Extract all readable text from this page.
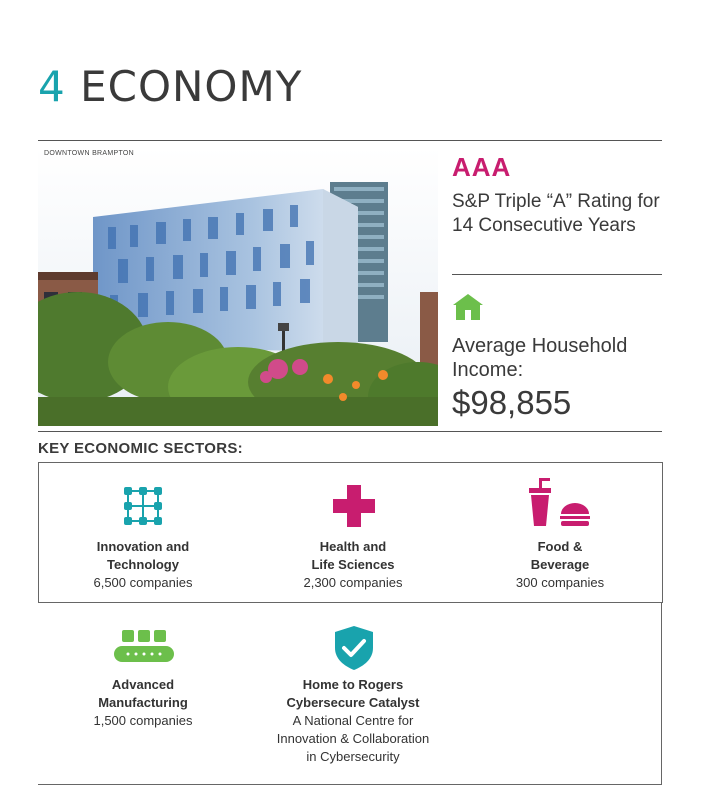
4 ECONOMY
DOWNTOWN BRAMPTON	AAA
S&P Triple “A” Rating for 14 Consecutive Years
Average Household Income:
$98,855
KEY ECONOMIC SECTORS:
Innovation and
Technology
6,500 companies
Health and
Life Sciences
2,300 companies
Food &
Beverage
300 companies
Advanced
Manufacturing
1,500 companies
Home to Rogers
Cybersecure Catalyst
A National Centre for
Innovation & Collaboration
in Cybersecurity
